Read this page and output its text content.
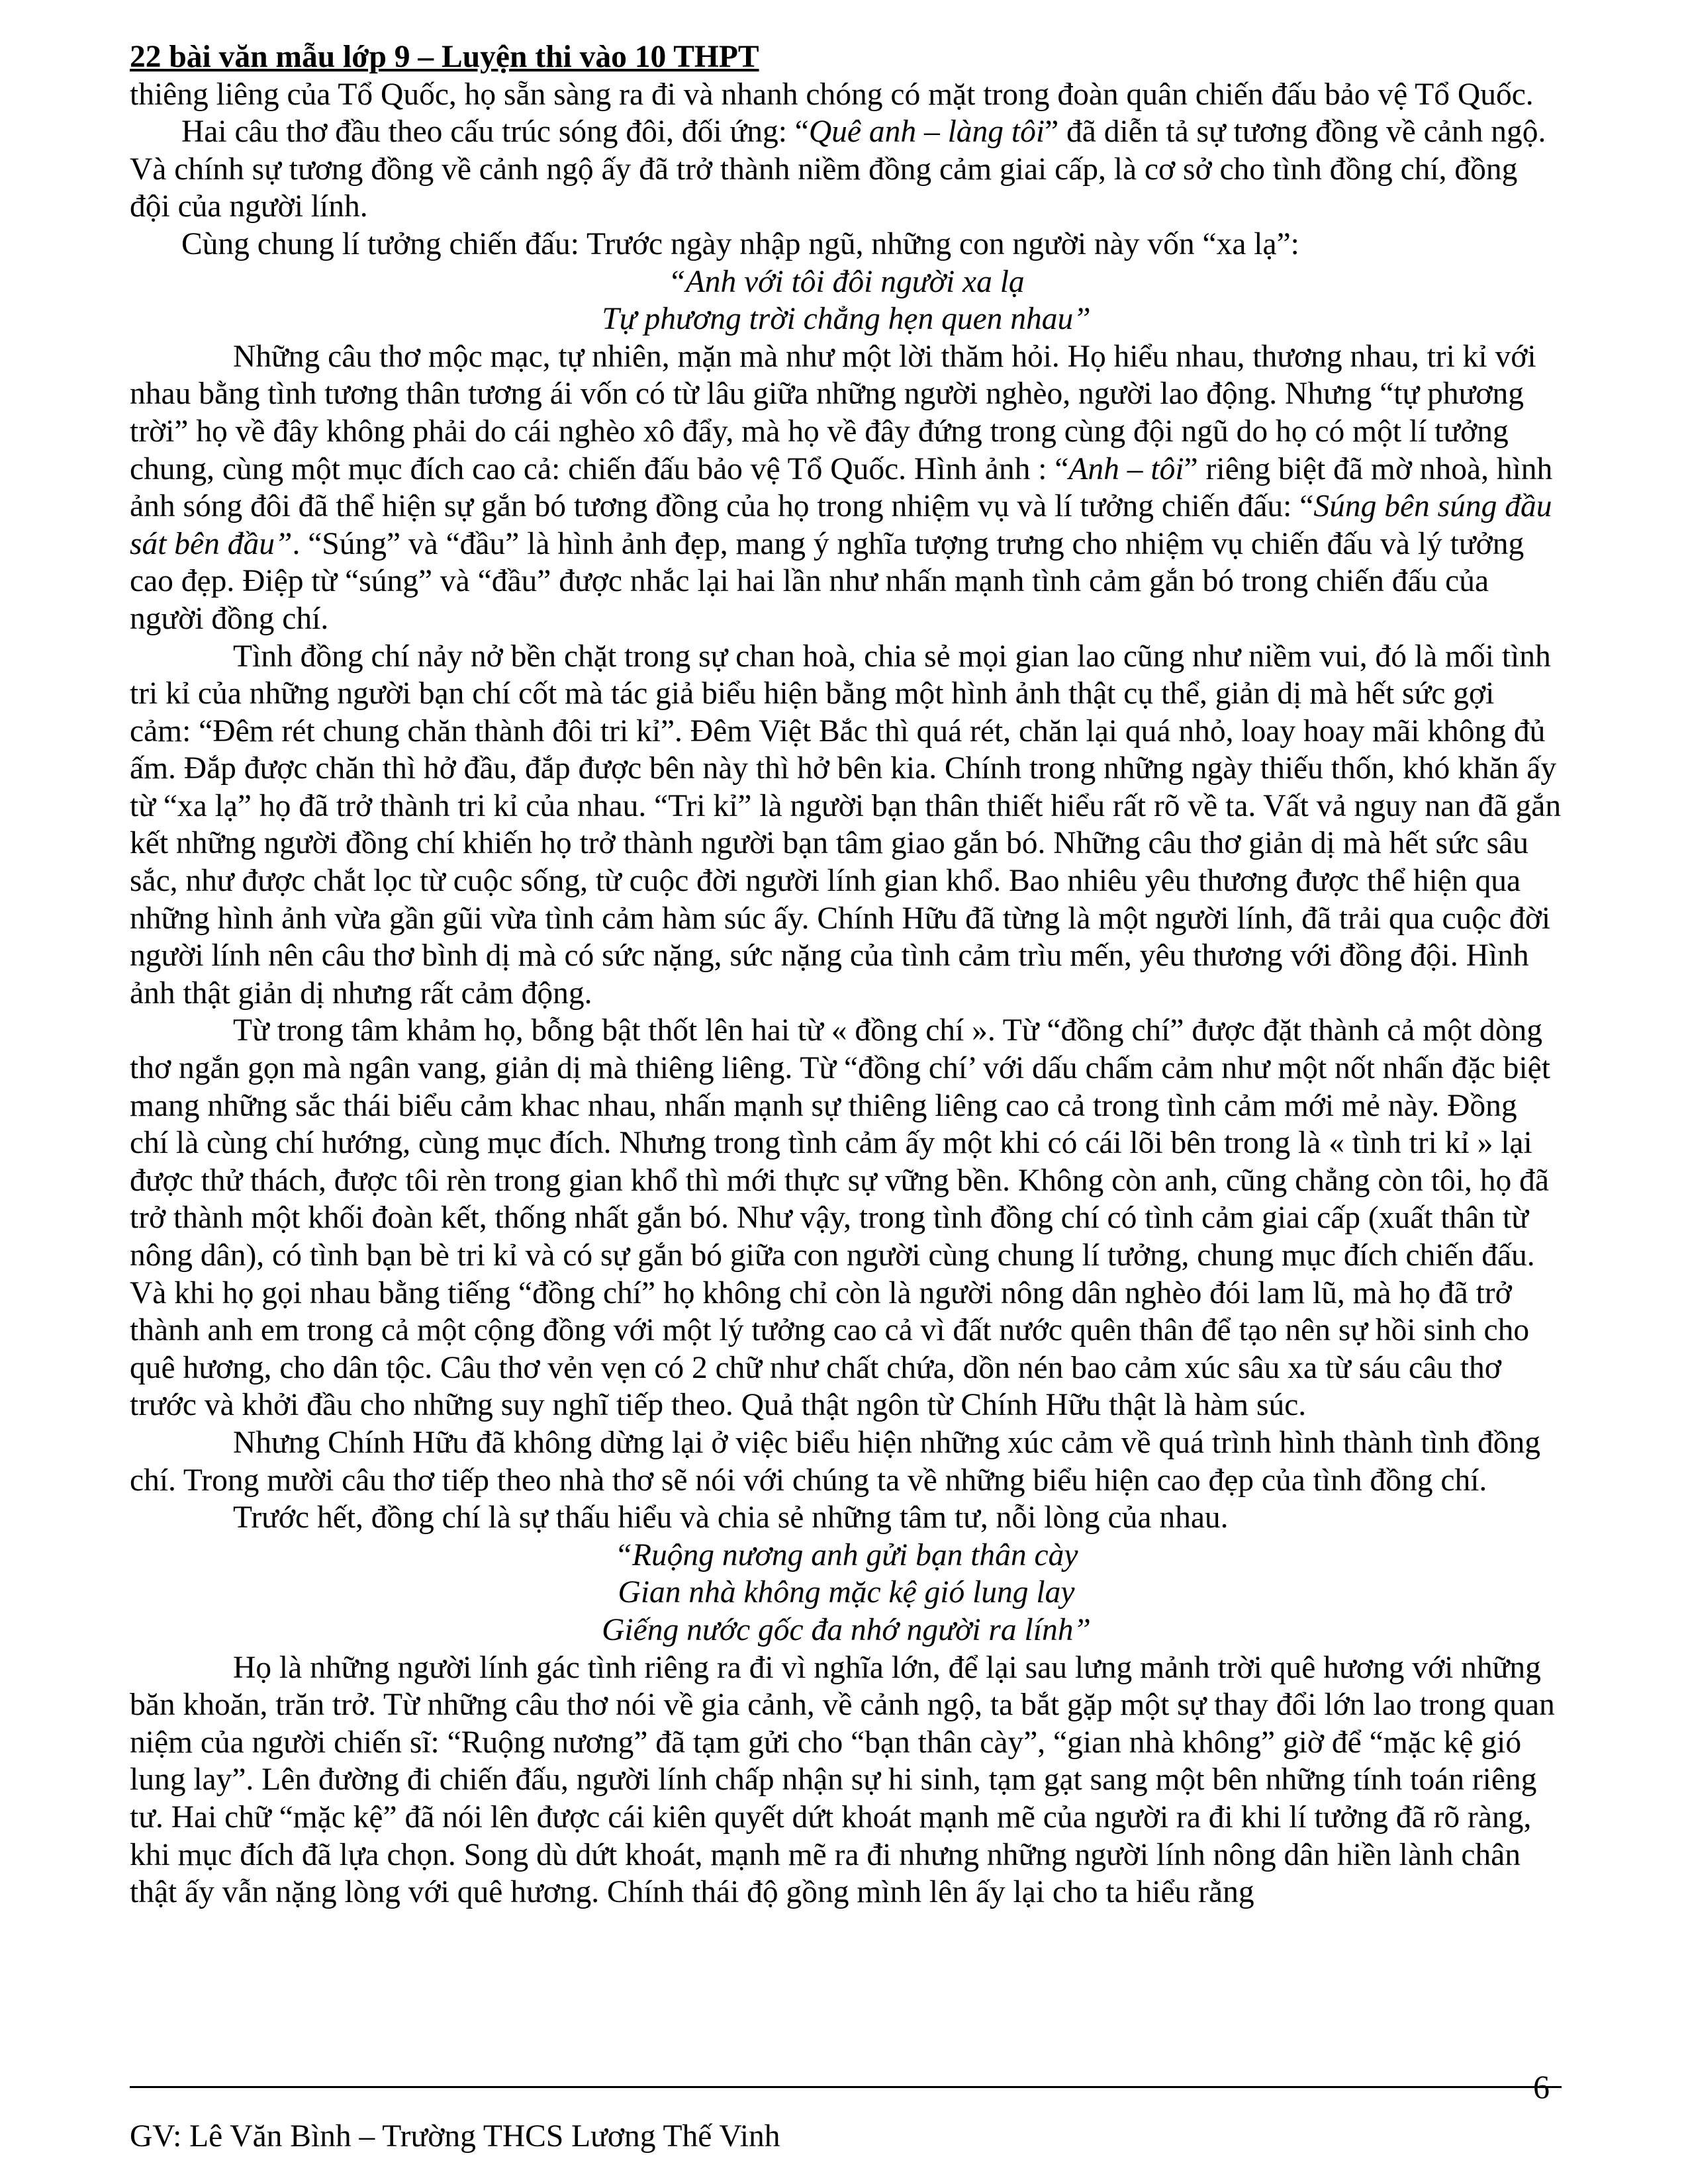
22 bài văn mẫu lớp 9 – Luyện thi vào 10 THPT

thiêng liêng của Tổ Quốc, họ sẵn sàng ra đi và nhanh chóng có mặt trong đoàn quân chiến đấu bảo vệ Tổ Quốc.

Hai câu thơ đầu theo cấu trúc sóng đôi, đối ứng: “Quê anh – làng tôi” đã diễn tả sự tương đồng về cảnh ngộ. Và chính sự tương đồng về cảnh ngộ ấy đã trở thành niềm đồng cảm giai cấp, là cơ sở cho tình đồng chí, đồng đội của người lính.

Cùng chung lí tưởng chiến đấu: Trước ngày nhập ngũ, những con người này vốn “xa lạ”:

“Anh với tôi đôi người xa lạ

Tự phương trời chẳng hẹn quen nhau”

Những câu thơ mộc mạc, tự nhiên, mặn mà như một lời thăm hỏi. Họ hiểu nhau, thương nhau, tri kỉ với nhau bằng tình tương thân tương ái vốn có từ lâu giữa những người nghèo, người lao động. Nhưng “tự phương trời” họ về đây không phải do cái nghèo xô đẩy, mà họ về đây đứng trong cùng đội ngũ do họ có một lí tưởng chung, cùng một mục đích cao cả: chiến đấu bảo vệ Tổ Quốc. Hình ảnh : “Anh – tôi” riêng biệt đã mờ nhoà, hình ảnh sóng đôi đã thể hiện sự gắn bó tương đồng của họ trong nhiệm vụ và lí tưởng chiến đấu: “Súng bên súng đầu sát bên đầu”. “Súng” và “đầu” là hình ảnh đẹp, mang ý nghĩa tượng trưng cho nhiệm vụ chiến đấu và lý tưởng cao đẹp. Điệp từ “súng” và “đầu” được nhắc lại hai lần như nhấn mạnh tình cảm gắn bó trong chiến đấu của người đồng chí.

Tình đồng chí nảy nở bền chặt trong sự chan hoà, chia sẻ mọi gian lao cũng như niềm vui, đó là mối tình tri kỉ của những người bạn chí cốt mà tác giả biểu hiện bằng một hình ảnh thật cụ thể, giản dị mà hết sức gợi cảm: “Đêm rét chung chăn thành đôi tri kỉ”. Đêm Việt Bắc thì quá rét, chăn lại quá nhỏ, loay hoay mãi không đủ ấm. Đắp được chăn thì hở đầu, đắp được bên này thì hở bên kia. Chính trong những ngày thiếu thốn, khó khăn ấy từ “xa lạ” họ đã trở thành tri kỉ của nhau. “Tri kỉ” là người bạn thân thiết hiểu rất rõ về ta. Vất vả nguy nan đã gắn kết những người đồng chí khiến họ trở thành người bạn tâm giao gắn bó. Những câu thơ giản dị mà hết sức sâu sắc, như được chắt lọc từ cuộc sống, từ cuộc đời người lính gian khổ. Bao nhiêu yêu thương được thể hiện qua những hình ảnh vừa gần gũi vừa tình cảm hàm súc ấy. Chính Hữu đã từng là một người lính, đã trải qua cuộc đời người lính nên câu thơ bình dị mà có sức nặng, sức nặng của tình cảm trìu mến, yêu thương với đồng đội. Hình ảnh thật giản dị nhưng rất cảm động.

Từ trong tâm khảm họ, bỗng bật thốt lên hai từ « đồng chí ». Từ “đồng chí” được đặt thành cả một dòng thơ ngắn gọn mà ngân vang, giản dị mà thiêng liêng. Từ “đồng chí’ với dấu chấm cảm như một nốt nhấn đặc biệt mang những sắc thái biểu cảm khac nhau, nhấn mạnh sự thiêng liêng cao cả trong tình cảm mới mẻ này. Đồng chí là cùng chí hướng, cùng mục đích. Nhưng trong tình cảm ấy một khi có cái lõi bên trong là « tình tri kỉ » lại được thử thách, được tôi rèn trong gian khổ thì mới thực sự vững bền. Không còn anh, cũng chẳng còn tôi, họ đã trở thành một khối đoàn kết, thống nhất gắn bó. Như vậy, trong tình đồng chí có tình cảm giai cấp (xuất thân từ nông dân), có tình bạn bè tri kỉ và có sự gắn bó giữa con người cùng chung lí tưởng, chung mục đích chiến đấu. Và khi họ gọi nhau bằng tiếng “đồng chí” họ không chỉ còn là người nông dân nghèo đói lam lũ, mà họ đã trở thành anh em trong cả một cộng đồng với một lý tưởng cao cả vì đất nước quên thân để tạo nên sự hồi sinh cho quê hương, cho dân tộc. Câu thơ vẻn vẹn có 2 chữ như chất chứa, dồn nén bao cảm xúc sâu xa từ sáu câu thơ trước và khởi đầu cho những suy nghĩ tiếp theo. Quả thật ngôn từ Chính Hữu thật là hàm súc.

Nhưng Chính Hữu đã không dừng lại ở việc biểu hiện những xúc cảm về quá trình hình thành tình đồng chí. Trong mười câu thơ tiếp theo nhà thơ sẽ nói với chúng ta về những biểu hiện cao đẹp của tình đồng chí.

Trước hết, đồng chí là sự thấu hiểu và chia sẻ những tâm tư, nỗi lòng của nhau.

“Ruộng nương anh gửi bạn thân cày

Gian nhà không mặc kệ gió lung lay

Giếng nước gốc đa nhớ người ra lính”

Họ là những người lính gác tình riêng ra đi vì nghĩa lớn, để lại sau lưng mảnh trời quê hương với những băn khoăn, trăn trở. Từ những câu thơ nói về gia cảnh, về cảnh ngộ, ta bắt gặp một sự thay đổi lớn lao trong quan niệm của người chiến sĩ: “Ruộng nương” đã tạm gửi cho “bạn thân cày”, “gian nhà không” giờ để “mặc kệ gió lung lay”. Lên đường đi chiến đấu, người lính chấp nhận sự hi sinh, tạm gạt sang một bên những tính toán riêng tư. Hai chữ “mặc kệ” đã nói lên được cái kiên quyết dứt khoát mạnh mẽ của người ra đi khi lí tưởng đã rõ ràng, khi mục đích đã lựa chọn. Song dù dứt khoát, mạnh mẽ ra đi nhưng những người lính nông dân hiền lành chân thật ấy vẫn nặng lòng với quê hương. Chính thái độ gồng mình lên ấy lại cho ta hiểu rằng

6
GV: Lê Văn Bình – Trường THCS Lương Thế Vinh
